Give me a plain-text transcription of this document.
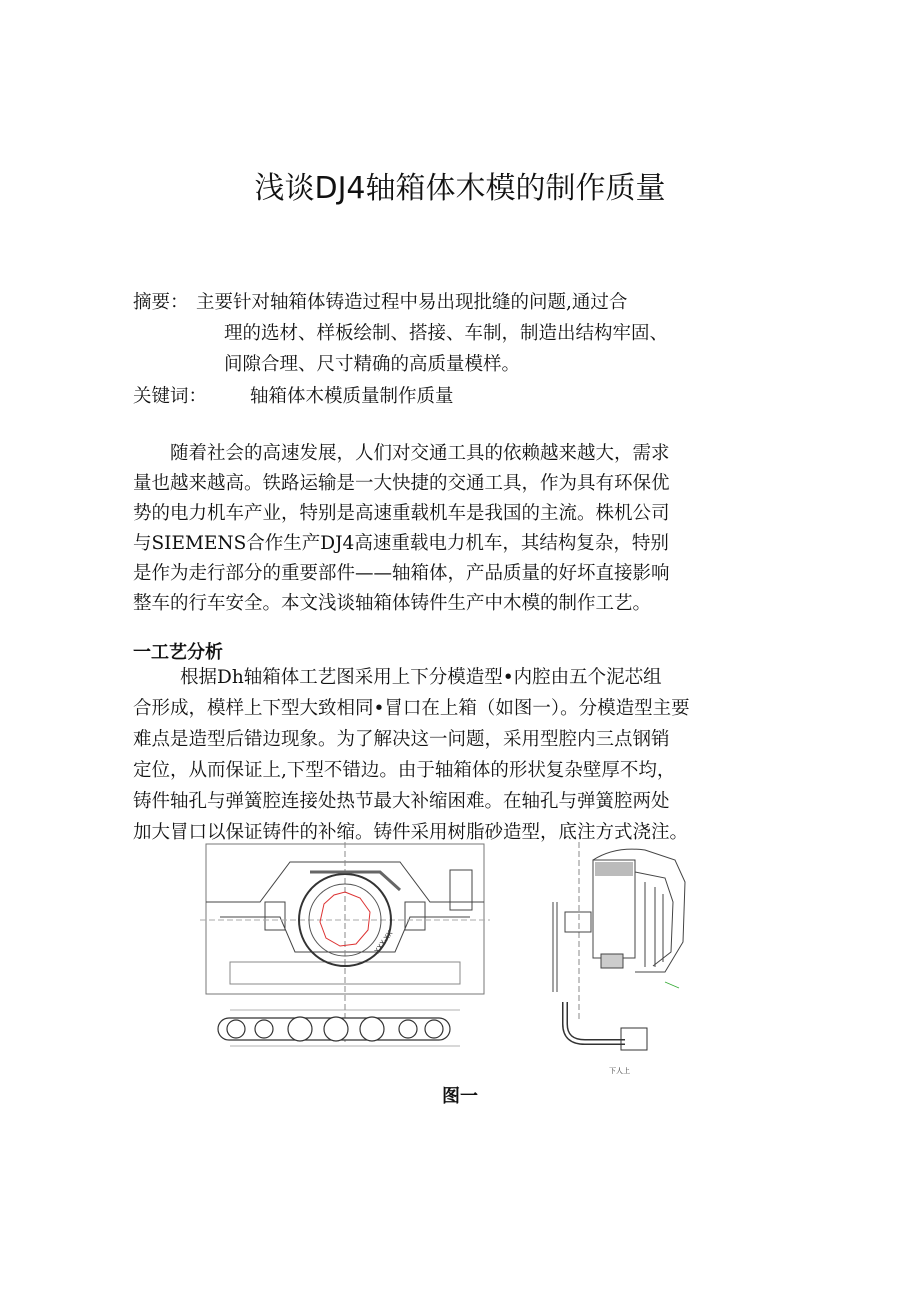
浅谈DJ4轴箱体木模的制作质量
摘要： 主要针对轴箱体铸造过程中易出现批缝的问题,通过合
理的选材、样板绘制、搭接、车制，制造出结构牢固、
间隙合理、尺寸精确的高质量模样。
关键词： 轴箱体木模质量制作质量
随着社会的高速发展，人们对交通工具的依赖越来越大，需求
量也越来越高。铁路运输是一大快捷的交通工具，作为具有环保优
势的电力机车产业，特别是高速重载机车是我国的主流。株机公司
与SIEMENS合作生产DJ4高速重载电力机车，其结构复杂，特别
是作为走行部分的重要部件——轴箱体，产品质量的好坏直接影响
整车的行车安全。本文浅谈轴箱体铸件生产中木模的制作工艺。
一工艺分析
根据Dh轴箱体工艺图采用上下分模造型•内腔由五个泥芯组
合形成，模样上下型大致相同•冒口在上箱（如图一）。分模造型主要
难点是造型后错边现象。为了解决这一问题，采用型腔内三点钢销
定位，从而保证上,下型不错边。由于轴箱体的形状复杂壁厚不均，
铸件轴孔与弹簧腔连接处热节最大补缩困难。在轴孔与弹簧腔两处
加大冒口以保证铸件的补缩。铸件采用树脂砂造型，底注方式浇注。
XXX-XX
下人上
图一
